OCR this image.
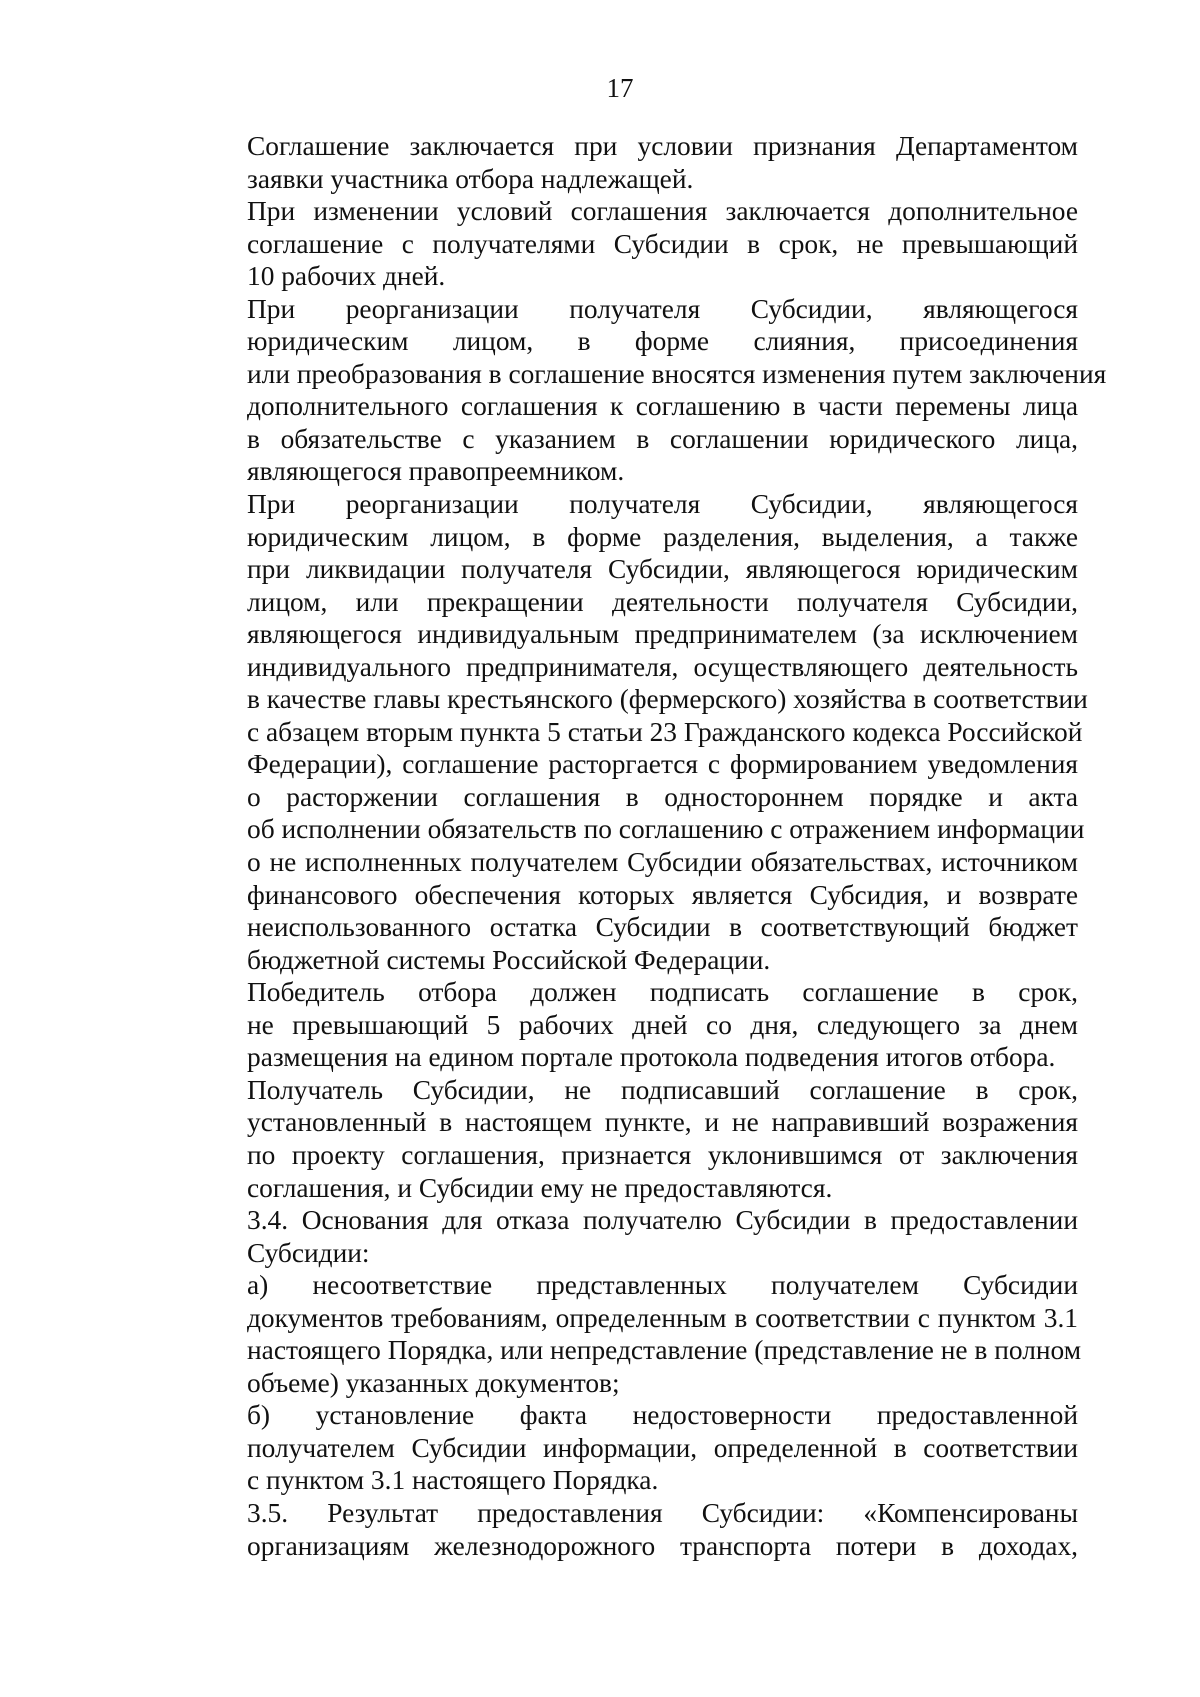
17
Соглашение заключается при условии признания Департаментом
заявки участника отбора надлежащей.
При изменении условий соглашения заключается дополнительное
соглашение с получателями Субсидии в срок, не превышающий
10 рабочих дней.
При реорганизации получателя Субсидии, являющегося
юридическим лицом, в форме слияния, присоединения
или преобразования в соглашение вносятся изменения путем заключения
дополнительного соглашения к соглашению в части перемены лица
в обязательстве с указанием в соглашении юридического лица,
являющегося правопреемником.
При реорганизации получателя Субсидии, являющегося
юридическим лицом, в форме разделения, выделения, а также
при ликвидации получателя Субсидии, являющегося юридическим
лицом, или прекращении деятельности получателя Субсидии,
являющегося индивидуальным предпринимателем (за исключением
индивидуального предпринимателя, осуществляющего деятельность
в качестве главы крестьянского (фермерского) хозяйства в соответствии
с абзацем вторым пункта 5 статьи 23 Гражданского кодекса Российской
Федерации), соглашение расторгается с формированием уведомления
о расторжении соглашения в одностороннем порядке и акта
об исполнении обязательств по соглашению с отражением информации
о не исполненных получателем Субсидии обязательствах, источником
финансового обеспечения которых является Субсидия, и возврате
неиспользованного остатка Субсидии в соответствующий бюджет
бюджетной системы Российской Федерации.
Победитель отбора должен подписать соглашение в срок,
не превышающий 5 рабочих дней со дня, следующего за днем
размещения на едином портале протокола подведения итогов отбора.
Получатель Субсидии, не подписавший соглашение в срок,
установленный в настоящем пункте, и не направивший возражения
по проекту соглашения, признается уклонившимся от заключения
соглашения, и Субсидии ему не предоставляются.
3.4. Основания для отказа получателю Субсидии в предоставлении
Субсидии:
а) несоответствие представленных получателем Субсидии
документов требованиям, определенным в соответствии с пунктом 3.1
настоящего Порядка, или непредставление (представление не в полном
объеме) указанных документов;
б) установление факта недостоверности предоставленной
получателем Субсидии информации, определенной в соответствии
с пунктом 3.1 настоящего Порядка.
3.5. Результат предоставления Субсидии: «Компенсированы
организациям железнодорожного транспорта потери в доходах,
